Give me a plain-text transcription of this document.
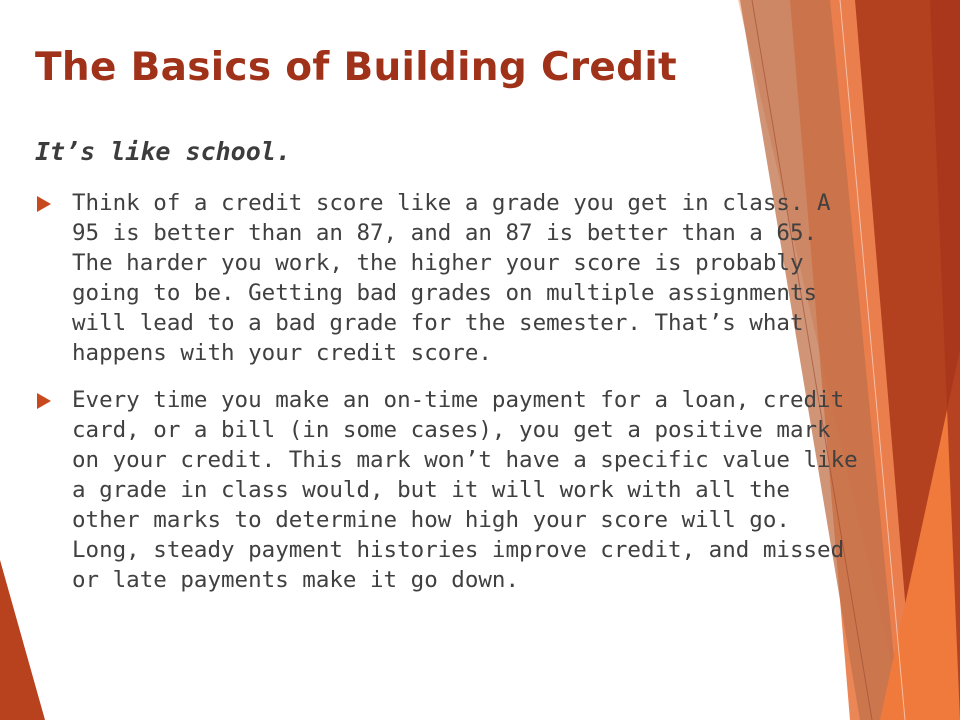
The Basics of Building Credit

It’s like school.

Think of a credit score like a grade you get in class. A 95 is better than an 87, and an 87 is better than a 65. The harder you work, the higher your score is probably going to be. Getting bad grades on multiple assignments will lead to a bad grade for the semester. That’s what happens with your credit score.
Every time you make an on-time payment for a loan, credit card, or a bill (in some cases), you get a positive mark on your credit. This mark won’t have a specific value like a grade in class would, but it will work with all the other marks to determine how high your score will go. Long, steady payment histories improve credit, and missed or late payments make it go down.
